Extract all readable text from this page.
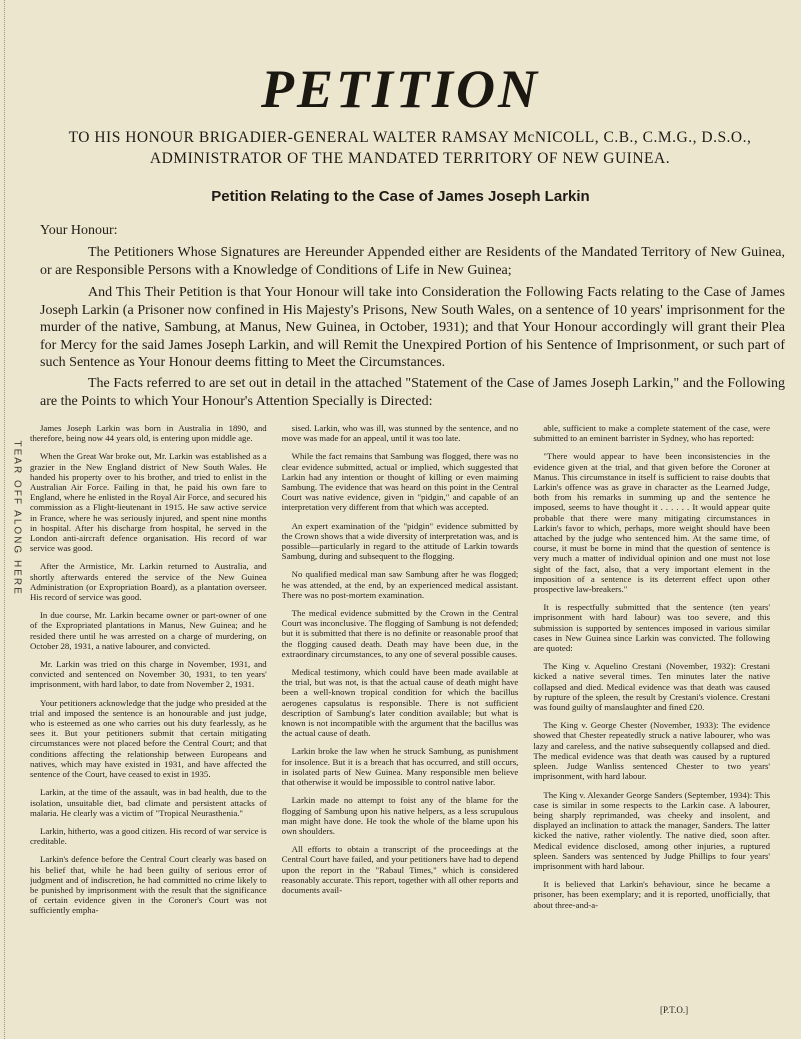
TEAR OFF ALONG HERE
PETITION
TO HIS HONOUR BRIGADIER-GENERAL WALTER RAMSAY McNICOLL, C.B., C.M.G., D.S.O.,
ADMINISTRATOR OF THE MANDATED TERRITORY OF NEW GUINEA.
Petition Relating to the Case of James Joseph Larkin
Your Honour:
The Petitioners Whose Signatures are Hereunder Appended either are Residents of the Mandated Territory of New Guinea, or are Responsible Persons with a Knowledge of Conditions of Life in New Guinea;
And This Their Petition is that Your Honour will take into Consideration the Following Facts relating to the Case of James Joseph Larkin (a Prisoner now confined in His Majesty's Prisons, New South Wales, on a sentence of 10 years' imprisonment for the murder of the native, Sambung, at Manus, New Guinea, in October, 1931); and that Your Honour accordingly will grant their Plea for Mercy for the said James Joseph Larkin, and will Remit the Unexpired Portion of his Sentence of Imprisonment, or such part of such Sentence as Your Honour deems fitting to Meet the Circumstances.
The Facts referred to are set out in detail in the attached "Statement of the Case of James Joseph Larkin," and the Following are the Points to which Your Honour's Attention Specially is Directed:

James Joseph Larkin was born in Australia in 1890, and therefore, being now 44 years old, is entering upon middle age.

When the Great War broke out, Mr. Larkin was established as a grazier in the New England district of New South Wales. He handed his property over to his brother, and tried to enlist in the Australian Air Force. Failing in that, he paid his own fare to England, where he enlisted in the Royal Air Force, and secured his commission as a Flight-lieutenant in 1915. He saw active service in France, where he was seriously injured, and spent nine months in hospital. After his discharge from hospital, he served in the London anti-aircraft defence organisation. His record of war service was good.

After the Armistice, Mr. Larkin returned to Australia, and shortly afterwards entered the service of the New Guinea Administration (or Expropriation Board), as a plantation overseer. His record of service was good.

In due course, Mr. Larkin became owner or part-owner of one of the Expropriated plantations in Manus, New Guinea; and he resided there until he was arrested on a charge of murdering, on October 28, 1931, a native labourer, and convicted.

Mr. Larkin was tried on this charge in November, 1931, and convicted and sentenced on November 30, 1931, to ten years' imprisonment, with hard labor, to date from November 2, 1931.

Your petitioners acknowledge that the judge who presided at the trial and imposed the sentence is an honourable and just judge, who is esteemed as one who carries out his duty fearlessly, as he sees it. But your petitioners submit that certain mitigating circumstances were not placed before the Central Court; and that conditions affecting the relationship between Europeans and natives, which may have existed in 1931, and have affected the sentence of the Court, have ceased to exist in 1935.

Larkin, at the time of the assault, was in bad health, due to the isolation, unsuitable diet, bad climate and persistent attacks of malaria. He clearly was a victim of "Tropical Neurasthenia."

Larkin, hitherto, was a good citizen. His record of war service is creditable.

Larkin's defence before the Central Court clearly was based on his belief that, while he had been guilty of serious error of judgment and of indiscretion, he had committed no crime likely to be punished by imprisonment with the result that the significance of certain evidence given in the Coroner's Court was not sufficiently empha-

sised. Larkin, who was ill, was stunned by the sentence, and no move was made for an appeal, until it was too late.

While the fact remains that Sambung was flogged, there was no clear evidence submitted, actual or implied, which suggested that Larkin had any intention or thought of killing or even maiming Sambung. The evidence that was heard on this point in the Central Court was native evidence, given in "pidgin," and capable of an interpretation very different from that which was accepted.

An expert examination of the "pidgin" evidence submitted by the Crown shows that a wide diversity of interpretation was, and is possible—particularly in regard to the attitude of Larkin towards Sambung, during and subsequent to the flogging.

No qualified medical man saw Sambung after he was flogged; he was attended, at the end, by an experienced medical assistant. There was no post-mortem examination.

The medical evidence submitted by the Crown in the Central Court was inconclusive. The flogging of Sambung is not defended; but it is submitted that there is no definite or reasonable proof that the flogging caused death. Death may have been due, in the extraordinary circumstances, to any one of several possible causes.

Medical testimony, which could have been made available at the trial, but was not, is that the actual cause of death might have been a well-known tropical condition for which the bacillus aerogenes capsulatus is responsible. There is not sufficient description of Sambung's later condition available; but what is known is not incompatible with the argument that the bacillus was the actual cause of death.

Larkin broke the law when he struck Sambung, as punishment for insolence. But it is a breach that has occurred, and still occurs, in isolated parts of New Guinea. Many responsible men believe that otherwise it would be impossible to control native labor.

Larkin made no attempt to foist any of the blame for the flogging of Sambung upon his native helpers, as a less scrupulous man might have done. He took the whole of the blame upon his own shoulders.

All efforts to obtain a transcript of the proceedings at the Central Court have failed, and your petitioners have had to depend upon the report in the "Rabaul Times," which is considered reasonably accurate. This report, together with all other reports and documents avail-

able, sufficient to make a complete statement of the case, were submitted to an eminent barrister in Sydney, who has reported:

"There would appear to have been inconsistencies in the evidence given at the trial, and that given before the Coroner at Manus. This circumstance in itself is sufficient to raise doubts that Larkin's offence was as grave in character as the Learned Judge, both from his remarks in summing up and the sentence he imposed, seems to have thought it . . . . . . It would appear quite probable that there were many mitigating circumstances in Larkin's favor to which, perhaps, more weight should have been attached by the judge who sentenced him. At the same time, of course, it must be borne in mind that the question of sentence is very much a matter of individual opinion and one must not lose sight of the fact, also, that a very important element in the imposition of a sentence is its deterrent effect upon other prospective law-breakers."

It is respectfully submitted that the sentence (ten years' imprisonment with hard labour) was too severe, and this submission is supported by sentences imposed in various similar cases in New Guinea since Larkin was convicted. The following are quoted:

The King v. Aquelino Crestani (November, 1932): Crestani kicked a native several times. Ten minutes later the native collapsed and died. Medical evidence was that death was caused by rupture of the spleen, the result by Crestani's violence. Crestani was found guilty of manslaughter and fined £20.

The King v. George Chester (November, 1933): The evidence showed that Chester repeatedly struck a native labourer, who was lazy and careless, and the native subsequently collapsed and died. The medical evidence was that death was caused by a ruptured spleen. Judge Wanliss sentenced Chester to two years' imprisonment, with hard labour.

The King v. Alexander George Sanders (September, 1934): This case is similar in some respects to the Larkin case. A labourer, being sharply reprimanded, was cheeky and insolent, and displayed an inclination to attack the manager, Sanders. The latter kicked the native, rather violently. The native died, soon after. Medical evidence disclosed, among other injuries, a ruptured spleen. Sanders was sentenced by Judge Phillips to four years' imprisonment with hard labour.

It is believed that Larkin's behaviour, since he became a prisoner, has been exemplary; and it is reported, unofficially, that about three-and-a-

[P.T.O.]
